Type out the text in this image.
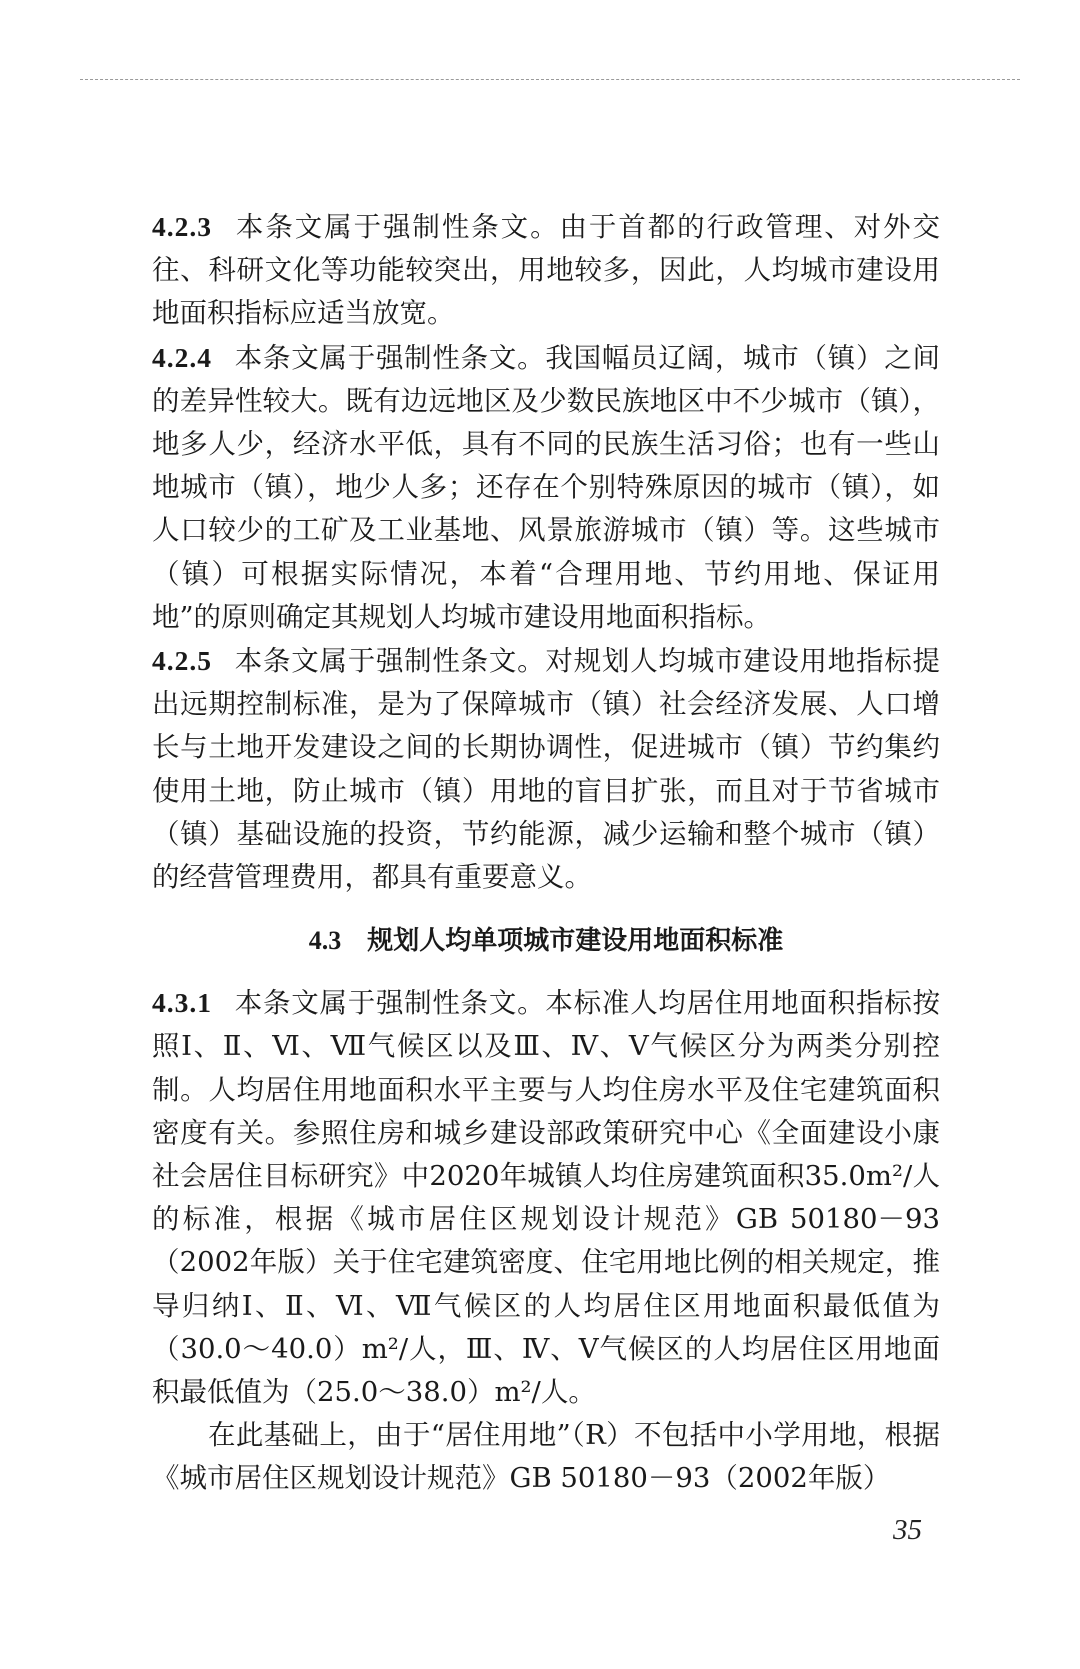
4.2.3 本条文属于强制性条文。由于首都的行政管理、对外交往、科研文化等功能较突出，用地较多，因此，人均城市建设用地面积指标应适当放宽。

4.2.4 本条文属于强制性条文。我国幅员辽阔，城市（镇）之间的差异性较大。既有边远地区及少数民族地区中不少城市（镇），地多人少，经济水平低，具有不同的民族生活习俗；也有一些山地城市（镇），地少人多；还存在个别特殊原因的城市（镇），如人口较少的工矿及工业基地、风景旅游城市（镇）等。这些城市（镇）可根据实际情况，本着“合理用地、节约用地、保证用地”的原则确定其规划人均城市建设用地面积指标。

4.2.5 本条文属于强制性条文。对规划人均城市建设用地指标提出远期控制标准，是为了保障城市（镇）社会经济发展、人口增长与土地开发建设之间的长期协调性，促进城市（镇）节约集约使用土地，防止城市（镇）用地的盲目扩张，而且对于节省城市（镇）基础设施的投资，节约能源，减少运输和整个城市（镇）的经营管理费用，都具有重要意义。

4.3 规划人均单项城市建设用地面积标准

4.3.1 本条文属于强制性条文。本标准人均居住用地面积指标按照Ⅰ、Ⅱ、Ⅵ、Ⅶ气候区以及Ⅲ、Ⅳ、Ⅴ气候区分为两类分别控制。人均居住用地面积水平主要与人均住房水平及住宅建筑面积密度有关。参照住房和城乡建设部政策研究中心《全面建设小康社会居住目标研究》中2020年城镇人均住房建筑面积35.0m²/人的标准，根据《城市居住区规划设计规范》GB 50180－93（2002年版）关于住宅建筑密度、住宅用地比例的相关规定，推导归纳Ⅰ、Ⅱ、Ⅵ、Ⅶ气候区的人均居住区用地面积最低值为（30.0～40.0）m²/人，Ⅲ、Ⅳ、Ⅴ气候区的人均居住区用地面积最低值为（25.0～38.0）m²/人。

在此基础上，由于“居住用地”（R）不包括中小学用地，根据《城市居住区规划设计规范》GB 50180－93（2002年版）

35
